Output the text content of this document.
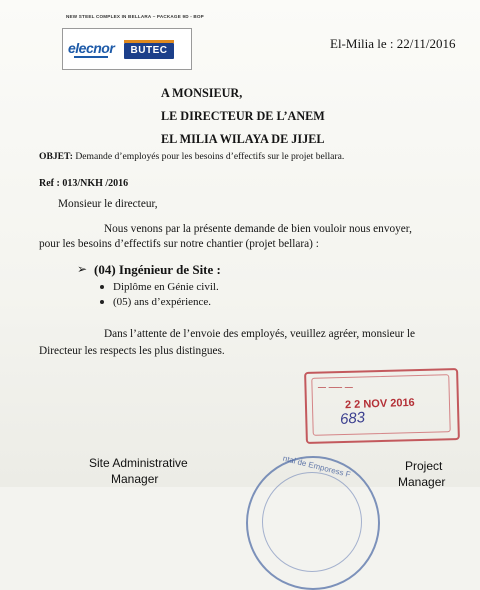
NEW STEEL COMPLEX IN BELLARA – PACKAGE 9D - BOP
elecnor	BUTEC	El-Milia le : 22/11/2016
A MONSIEUR,
LE DIRECTEUR DE L’ANEM
EL MILIA WILAYA DE JIJEL
OBJET: Demande d’employés pour les besoins d’effectifs sur le projet bellara.
Ref : 013/NKH /2016
Monsieur le directeur,
Nous venons par la présente demande de bien vouloir nous envoyer,
pour les besoins d’effectifs sur notre chantier (projet bellara) :
➢ (04) Ingénieur de Site :
Diplôme en Génie civil.
(05) ans d’expérience.
Dans l’attente de l’envoie des employés, veuillez agréer, monsieur le
Directeur les respects les plus distingues.
ـــ ـــــ ـــ
2 2 NOV 2016
683
ntal de Emporess F
Site Administrative
Manager
Project
Manager
